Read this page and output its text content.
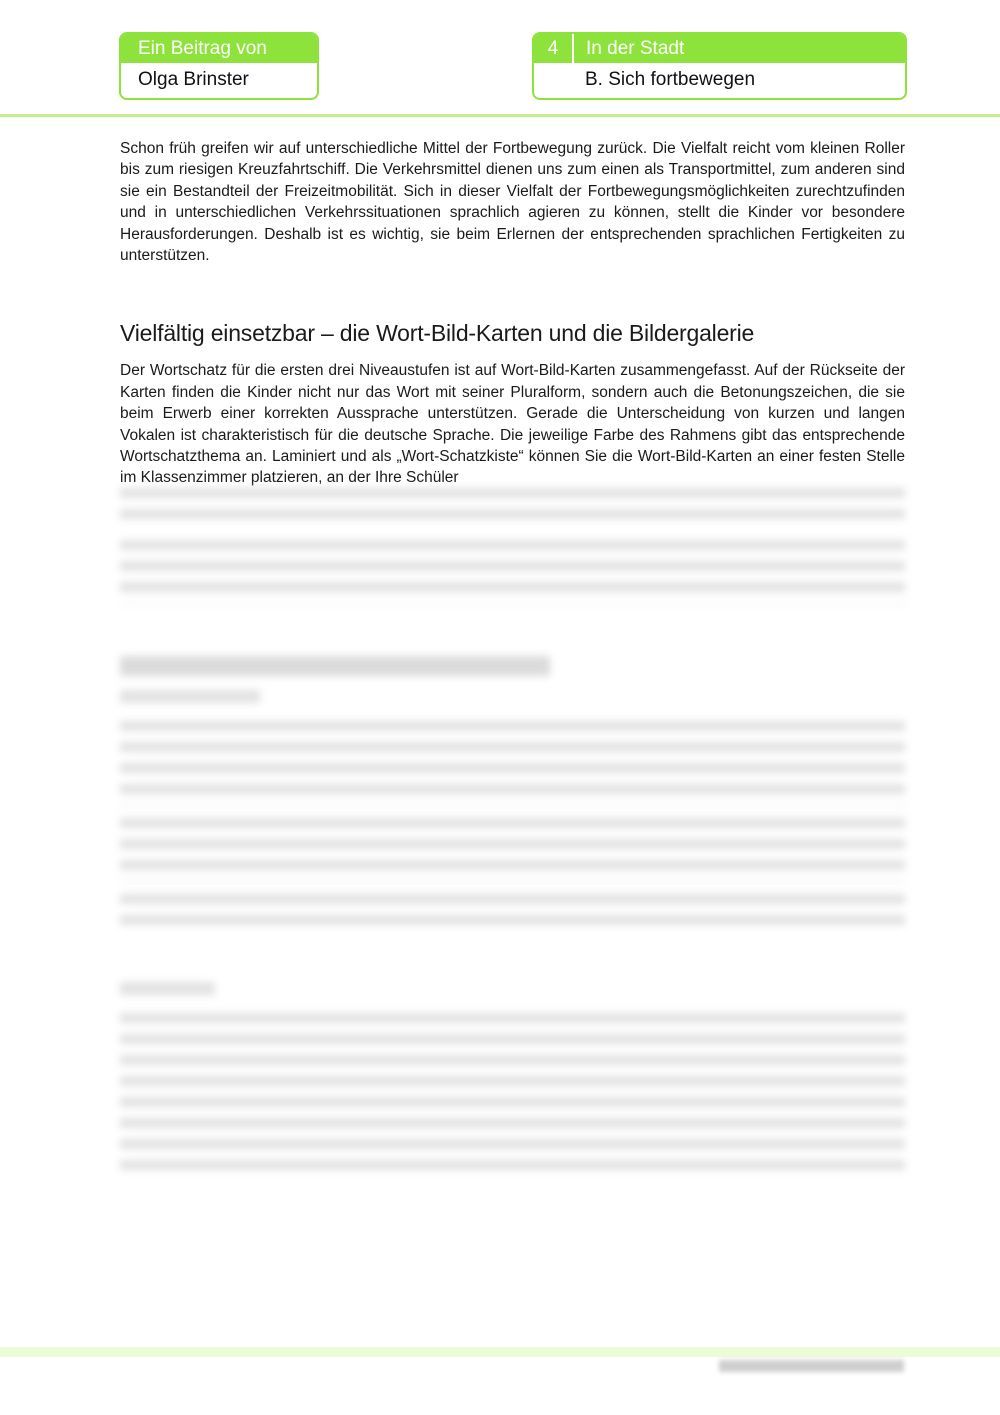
Ein Beitrag von
Olga Brinster
4	In der Stadt
B. Sich fortbewegen

Schon früh greifen wir auf unterschiedliche Mittel der Fortbewegung zurück. Die Vielfalt reicht vom kleinen Roller bis zum riesigen Kreuzfahrtschiff. Die Verkehrsmittel dienen uns zum einen als Transportmittel, zum anderen sind sie ein Bestandteil der Freizeitmobilität. Sich in dieser Vielfalt der Fortbewegungsmöglichkeiten zurechtzufinden und in unterschiedlichen Verkehrssituationen sprachlich agieren zu können, stellt die Kinder vor besondere Herausforderungen. Deshalb ist es wichtig, sie beim Erlernen der entsprechenden sprachlichen Fertigkeiten zu unterstützen.

Vielfältig einsetzbar – die Wort-Bild-Karten und die Bildergalerie

Der Wortschatz für die ersten drei Niveaustufen ist auf Wort-Bild-Karten zusammengefasst. Auf der Rückseite der Karten finden die Kinder nicht nur das Wort mit seiner Pluralform, sondern auch die Betonungszeichen, die sie beim Erwerb einer korrekten Aussprache unterstützen. Gerade die Unterscheidung von kurzen und langen Vokalen ist charakteristisch für die deutsche Sprache. Die jeweilige Farbe des Rahmens gibt das entsprechende Wortschatzthema an. Laminiert und als „Wort-Schatzkiste“ können Sie die Wort-Bild-Karten an einer festen Stelle im Klassenzimmer platzieren, an der Ihre Schüler
